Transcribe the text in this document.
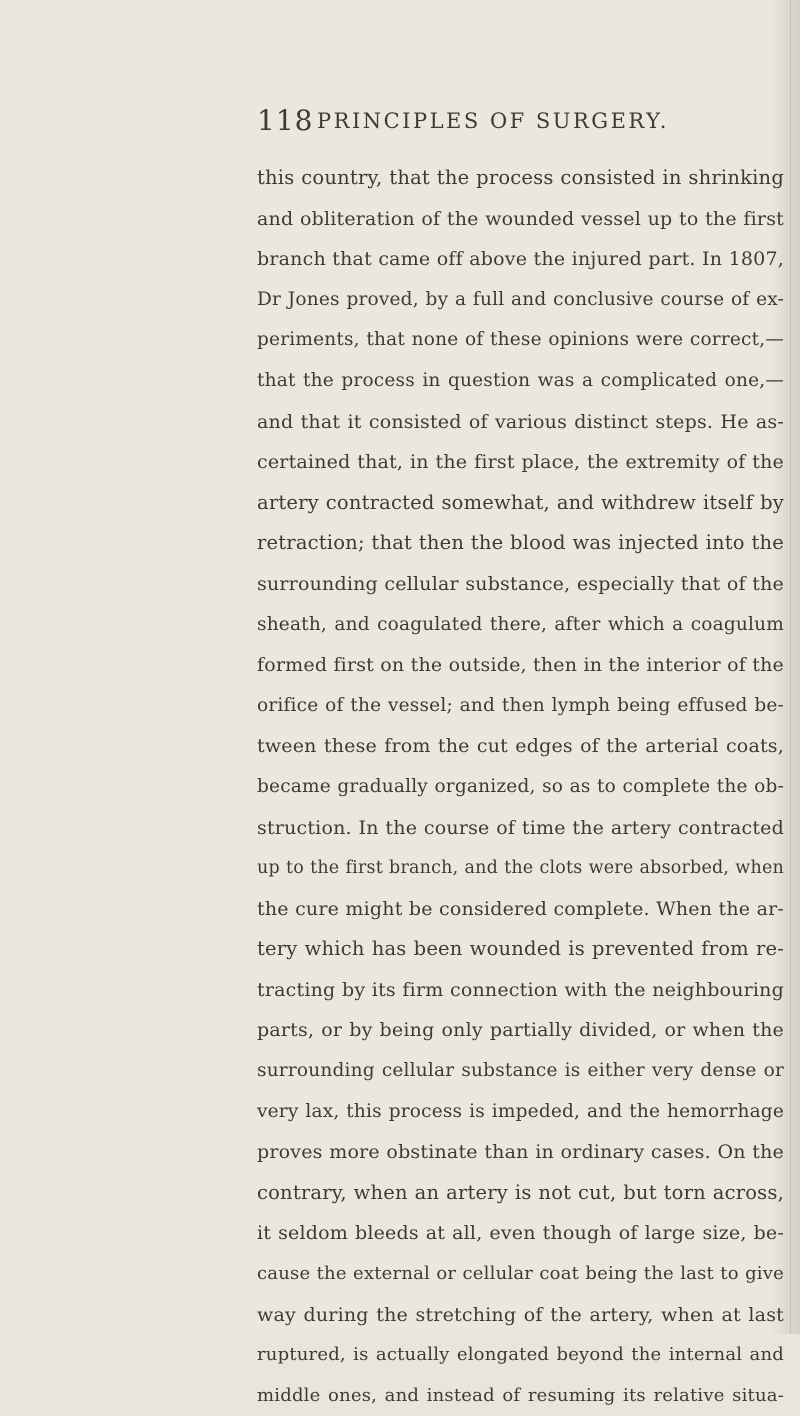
118 PRINCIPLES OF SURGERY.
this country, that the process consisted in shrinking
and obliteration of the wounded vessel up to the first
branch that came off above the injured part. In 1807,
Dr Jones proved, by a full and conclusive course of ex-
periments, that none of these opinions were correct,—
that the process in question was a complicated one,—
and that it consisted of various distinct steps. He as-
certained that, in the first place, the extremity of the
artery contracted somewhat, and withdrew itself by
retraction; that then the blood was injected into the
surrounding cellular substance, especially that of the
sheath, and coagulated there, after which a coagulum
formed first on the outside, then in the interior of the
orifice of the vessel; and then lymph being effused be-
tween these from the cut edges of the arterial coats,
became gradually organized, so as to complete the ob-
struction. In the course of time the artery contracted
up to the first branch, and the clots were absorbed, when
the cure might be considered complete. When the ar-
tery which has been wounded is prevented from re-
tracting by its firm connection with the neighbouring
parts, or by being only partially divided, or when the
surrounding cellular substance is either very dense or
very lax, this process is impeded, and the hemorrhage
proves more obstinate than in ordinary cases. On the
contrary, when an artery is not cut, but torn across,
it seldom bleeds at all, even though of large size, be-
cause the external or cellular coat being the last to give
way during the stretching of the artery, when at last
ruptured, is actually elongated beyond the internal and
middle ones, and instead of resuming its relative situa-
